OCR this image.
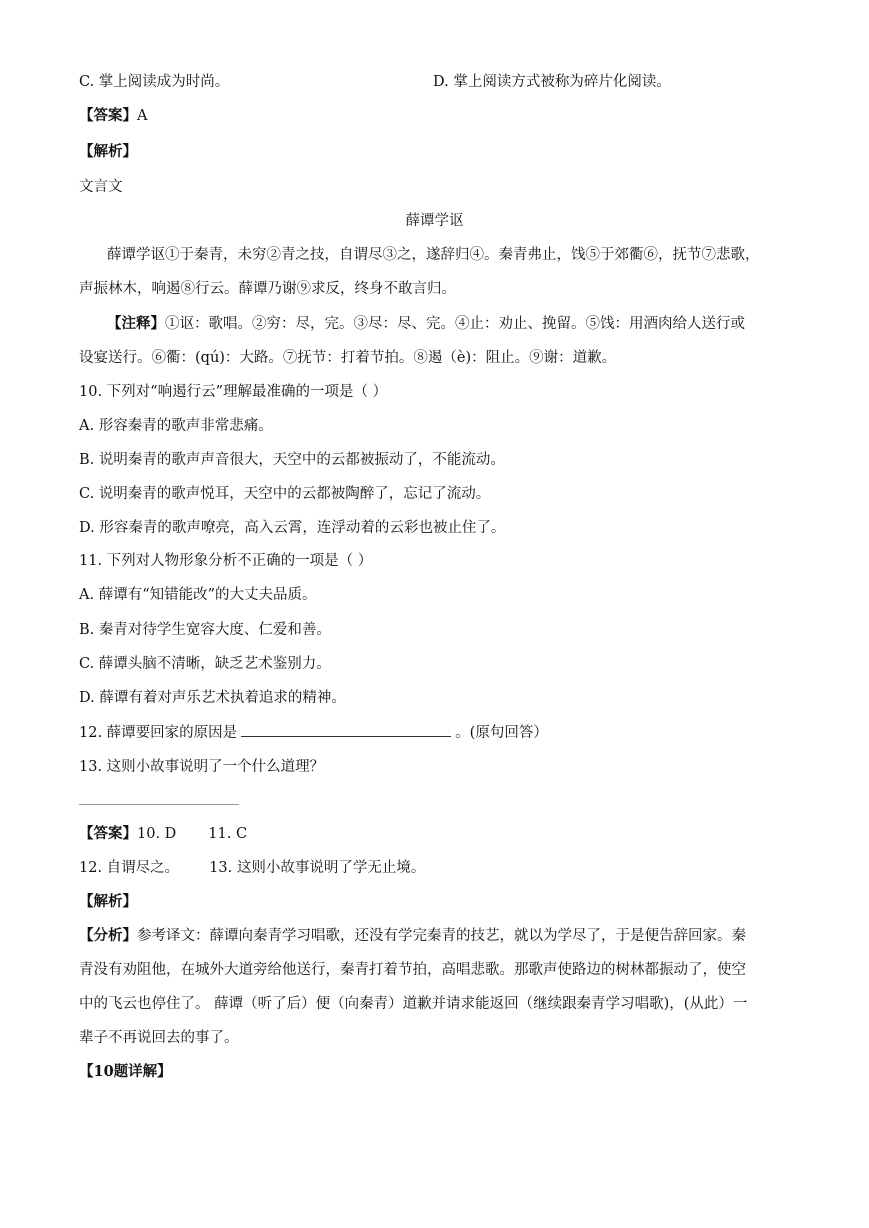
C. 掌上阅读成为时尚。	D. 掌上阅读方式被称为碎片化阅读。
【答案】A
【解析】
文言文
薛谭学讴
薛谭学讴①于秦青，未穷②青之技，自谓尽③之，遂辞归④。秦青弗止，饯⑤于郊衢⑥，抚节⑦悲歌，
声振林木，响遏⑧行云。薛谭乃谢⑨求反，终身不敢言归。
【注释】①讴：歌唱。②穷：尽，完。③尽：尽、完。④止：劝止、挽留。⑤饯：用酒肉给人送行或
设宴送行。⑥衢：(qú)：大路。⑦抚节：打着节拍。⑧遏（è)：阻止。⑨谢：道歉。
10. 下列对“响遏行云”理解最准确的一项是（ ）
A. 形容秦青的歌声非常悲痛。
B. 说明秦青的歌声声音很大，天空中的云都被振动了，不能流动。
C. 说明秦青的歌声悦耳，天空中的云都被陶醉了，忘记了流动。
D. 形容秦青的歌声嘹亮，高入云霄，连浮动着的云彩也被止住了。
11. 下列对人物形象分析不正确的一项是（ ）
A. 薛谭有“知错能改”的大丈夫品质。
B. 秦青对待学生宽容大度、仁爱和善。
C. 薛谭头脑不清晰，缺乏艺术鉴别力。
D. 薛谭有着对声乐艺术执着追求的精神。
12. 薛谭要回家的原因是	。(原句回答）
13. 这则小故事说明了一个什么道理？
【答案】10. D 11. C
12. 自谓尽之。 13. 这则小故事说明了学无止境。
【解析】
【分析】参考译文：薛谭向秦青学习唱歌，还没有学完秦青的技艺，就以为学尽了，于是便告辞回家。秦
青没有劝阻他，在城外大道旁给他送行，秦青打着节拍，高唱悲歌。那歌声使路边的树林都振动了，使空
中的飞云也停住了。 薛谭（听了后）便（向秦青）道歉并请求能返回（继续跟秦青学习唱歌)，(从此）一
辈子不再说回去的事了。
【10题详解】
